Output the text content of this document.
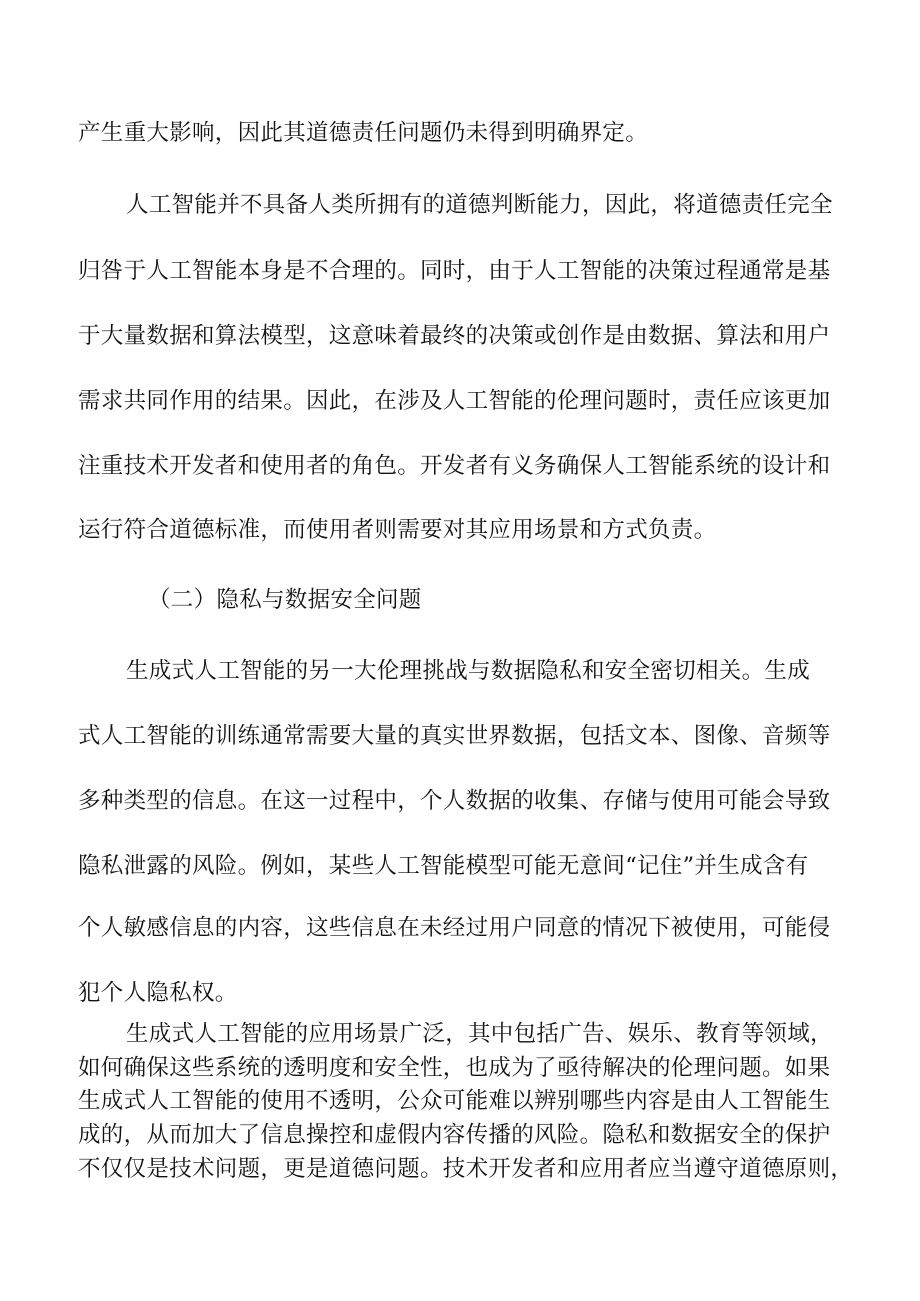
产生重大影响，因此其道德责任问题仍未得到明确界定。
人工智能并不具备人类所拥有的道德判断能力，因此，将道德责任完全
归咎于人工智能本身是不合理的。同时，由于人工智能的决策过程通常是基
于大量数据和算法模型，这意味着最终的决策或创作是由数据、算法和用户
需求共同作用的结果。因此，在涉及人工智能的伦理问题时，责任应该更加
注重技术开发者和使用者的角色。开发者有义务确保人工智能系统的设计和
运行符合道德标准，而使用者则需要对其应用场景和方式负责。
（二）隐私与数据安全问题
生成式人工智能的另一大伦理挑战与数据隐私和安全密切相关。生成
式人工智能的训练通常需要大量的真实世界数据，包括文本、图像、音频等
多种类型的信息。在这一过程中，个人数据的收集、存储与使用可能会导致
隐私泄露的风险。例如，某些人工智能模型可能无意间“记住”并生成含有
个人敏感信息的内容，这些信息在未经过用户同意的情况下被使用，可能侵
犯个人隐私权。
生成式人工智能的应用场景广泛，其中包括广告、娱乐、教育等领域，
如何确保这些系统的透明度和安全性，也成为了亟待解决的伦理问题。如果
生成式人工智能的使用不透明，公众可能难以辨别哪些内容是由人工智能生
成的，从而加大了信息操控和虚假内容传播的风险。隐私和数据安全的保护
不仅仅是技术问题，更是道德问题。技术开发者和应用者应当遵守道德原则，
